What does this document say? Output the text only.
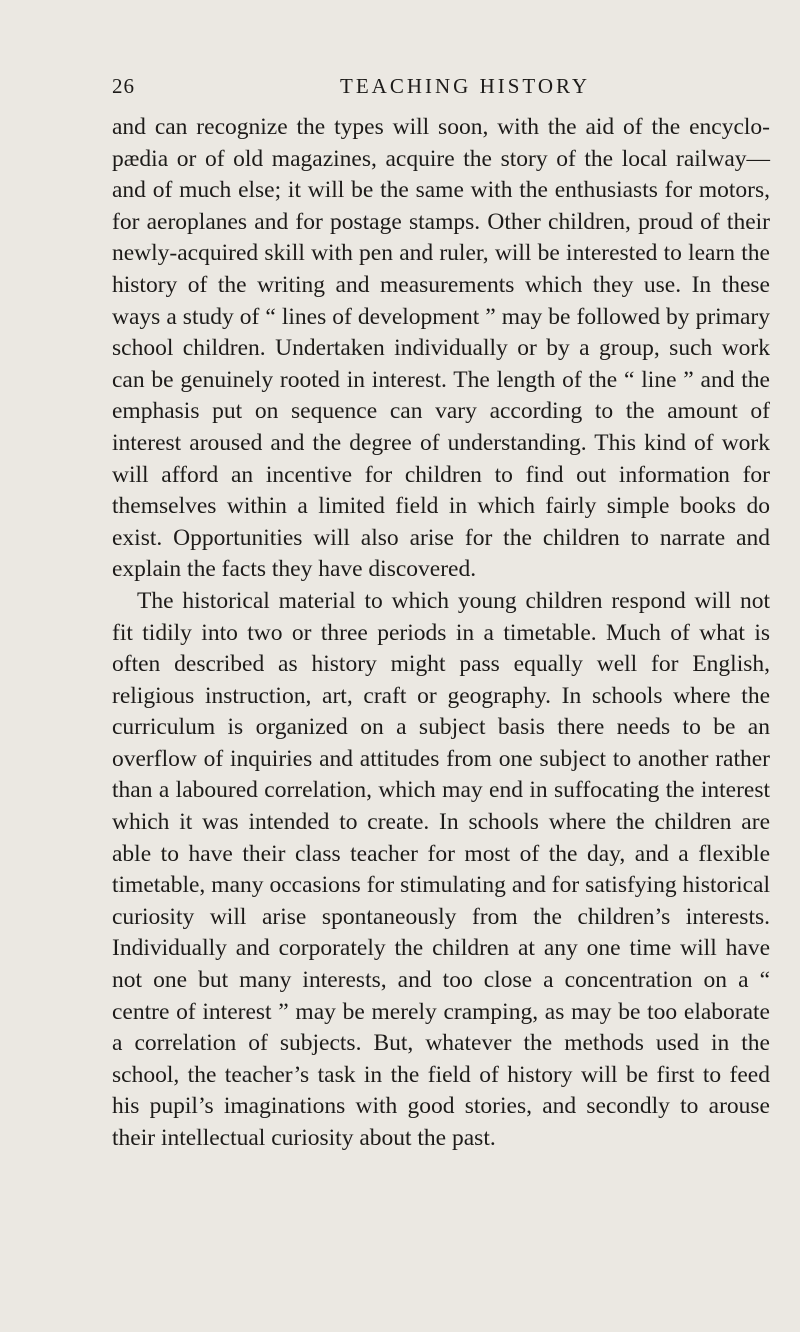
26	TEACHING HISTORY

and can recognize the types will soon, with the aid of the encyclo-pædia or of old magazines, acquire the story of the local railway—and of much else; it will be the same with the enthusiasts for motors, for aeroplanes and for postage stamps. Other children, proud of their newly-acquired skill with pen and ruler, will be interested to learn the history of the writing and measurements which they use. In these ways a study of “ lines of development ” may be followed by primary school children. Undertaken individually or by a group, such work can be genuinely rooted in interest. The length of the “ line ” and the emphasis put on sequence can vary according to the amount of interest aroused and the degree of understanding. This kind of work will afford an incentive for children to find out information for themselves within a limited field in which fairly simple books do exist. Opportunities will also arise for the children to narrate and explain the facts they have discovered.

The historical material to which young children respond will not fit tidily into two or three periods in a timetable. Much of what is often described as history might pass equally well for English, religious instruction, art, craft or geography. In schools where the curriculum is organized on a subject basis there needs to be an overflow of inquiries and attitudes from one subject to another rather than a laboured correlation, which may end in suffocating the interest which it was intended to create. In schools where the children are able to have their class teacher for most of the day, and a flexible timetable, many occasions for stimulating and for satisfying historical curiosity will arise spontaneously from the children’s interests. Individually and corporately the children at any one time will have not one but many interests, and too close a concentration on a “ centre of interest ” may be merely cramping, as may be too elaborate a correlation of subjects. But, whatever the methods used in the school, the teacher’s task in the field of history will be first to feed his pupil’s imaginations with good stories, and secondly to arouse their intellectual curiosity about the past.
